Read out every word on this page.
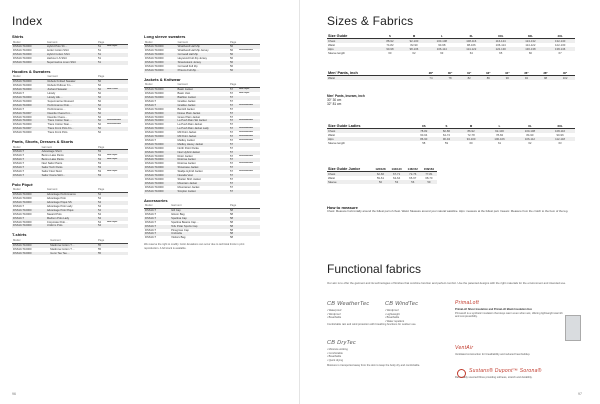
Index
96
Shirts
Model	Garment	Page	
DSS10-T10000	Hybrid Polo Sh…	51	New Style
DSS10-T10000	Antler Cotton Shirt	51	
DSS10-T10000	Hybrid Cotton Shirt	51	
DSS10-T10000	Harbour LS Shirt	51	
DSS10-T10000	Supermarine Linen Shirt	51	
Hoodies & Sweaters
Model	Garment	Page	
DSS10-T10000	Rebels Knitted Sweater	52	
DSS10-T10000	Rebels Pullover Kn…	52	
DSS10-T10000	Zorland Sweater	52	New Color
DSS10-T	Hoody	52	
DSS10-T10000	Hoody Hik…	52	
DSS10-T10000	Supermarine Dressed	52	
DSS10-T10000	Performance Polo…	52	
DSS10-T	Performance…	52	
DSS10-T10007	Dauntle Overa Kni…	52	
DSS10-T10000	Dauntle Overa…	52	
DSS10-T10000	Trans Cotton Stan…	52	Discontinued
DSS10-T10000	Trans Cotton Stan…	52	Discontinued
DSS10-T10007	Trans Front Polo Kn…	52	
DSS10-T10000	Trans Front Polo	52	
Pants, Shorts, Dresses & Skorts
Model	Garment	Page	
DSS10-T	Advantage Short	53	
DSS10-T	Bermu Lake Pants	53	New Style
DSS10-T	Bermu Lake Pants	53	New Style
DSS10-T	Nevi Sailor Pants	53	
DSS10-T	Sailor Tech Pants	53	
DSS10-T	Sailor Flexi Skort	53	New Style
DSS10-T	Sailor Overa Skirt…	53	
Polo Piqué
Model	Garment	Page	
DSS10-T10000	Advantage Performance	54	
DSS10-T10000	Advantage Polo	54	
DSS10-T10000	Advantage Piqué SS	54	
DSS10-T	Advantage Polo Lady	54	
DSS10-T10000	Advantage Polo Piqué	54	
DSS10-T10000	Navard Polo	54	
DSS10-T	Medium Polo Lady	54	
DSS10-T10000	Corporate Polo…	54	New Style
DSS10-T10000	Uniform Polo	54	
T-shirts
Model	Garment	Page	
DSS10-T10000	Madrona Cotton T…	55	
DSS10-T10000	Madrona Cotton T…	55	
DSS10-T10000	Gunn Tee Tee…	55	
Long sleeve sweaters
Model	Garment	Page	
DSS10-T10000	Wraithwell Half Zip	56	
DSS10-T10000	Wraithwell Half Zip Jersey	56	Discontinued
DSS10-T10000	Cornwall Half Zip	56	
DSS10-T10000	Heywood Full Zip Jersey	56	
DSS10-T10000	Straszekunk Jersey	56	
DSS10-T10000	Cornwall Full Zip	56	
DSS10-T10000	Prisons Full Zip…	56	
Jackets & Knitwear
Model	Garment	Page	
DSS10-T10000	Basin Jacket	57	New Style
DSS10-T10000	Basin Vest	57	New Style
DSS10-T10000	Biathlon Jacket	57	
DSS10-T	Gradiso Jacket	57	
DSS10-T	Gradiso Jacket	57	Discontinued
DSS10-T10000	Bat Hill Jacket	57	
DSS10-T10000	Dosse Plain Jacket	57	
DSS10-T10000	Grave Plain Jacket	57	
DSS10-T10000	La Push Rain Ski Jacket	57	Discontinued
DSS10-T10000	La Push Rain Jacket	57	
DSS10-T10000	La Push Rain Jacket Lady	57	Discontinued
DSS10-T10000	Mil Point Jacket	57	Discontinued
DSS10-T10000	Mil Point Jacket	57	Discontinued
DSS10-T	Medley Jacket	57	Discontinued
DSS10-T10000	Medley Heavy Jacket	57	
DSS10-T10000	North Point Parka	57	
DSS10-T10000	Nevi Hybrid Jacket	57	
DSS10-T10000	Rotor Jacket	57	Discontinued
DSS10-T10000	Rotoroa Jacket	57	
DSS10-T10000	Rotoroa Jacket	57	Discontinued
DSS10-T10000	Showcase Jacket	57	
DSS10-T10000	Skaltje Hybrid Jacket	57	Discontinued
DSS10-T10000	Nevada Vest	57	
DSS10-T10000	Shelter Shirt Jacket	57	
DSS10-T10000	Mountain Jacket	57	
DSS10-T10000	Mountainer Jacket	57	
DSS10-T10000	Simplon Jacket	57	
Accessories
Model	Garment	Page	
DSS10-T	Gill Cap	58	
DSS10-T	Gloom Bag	58	
DSS10-T	Spartina Cap	58	
DSS10-T	Spartina Beanie Cap…	58	
DSS10-T	Tofu Polar Sports Cap	58	
DSS10-T	Pinegrove Cap	58	
DSS10-T	Umbrella	58	
DSS10-T	Visitors Bag	58	
We reserve the right to modify. Color deviations can occur due to technical limits in print reproduction. A full stock is available.
Sizes & Fabrics
97
Size Guide	S	M	L	XL	XXL	3XL	4XL
Chest	88-92	92-100	100-108	108-116	116-124	124-132	132-140
Waist	74-82	82-90	90-98	98-106	106-114	114-122	122-130
Hips	90-98	98-106	106-114	114-122	122-130	130-138	138-146
Sleeve length	60	62	63	64	65	66	67
Men' Pants, inch	28"	30"	31"	33"	34"	36"	38"	40"
Waist	74	78	82	86	90	94	98	102
Men' Pants, Inseam, inch
30" 30 cm
32" 81 cm
Size Guide Ladies	XS	S	M	L	XL	XXL
Chest	78-82	82-86	86-92	92-100	100-108	108-116
Waist	60-64	64-72	72-78	78-84	84-90	90-96
Hips	86-90	90-94	94-100	100-106	106-112	112-118
Sleeve length	58	59	60	61	62	63
Size Guide Junior	122/128	134/140	146/152	158/164
Chest	62-66	67-71	72-76	77-81
Waist	59-61	62-64	65-67	68-70
Sleeve	50	53	56	59
How to measure
Chest: Measure horizontally around the fullest part of chest. Waist: Measure around your natural waistline. Hips: measure at the fullest part. Inseam: Measure from the crotch to the hem of the leg.
Functional fabrics
Our aim is to offer the garment and its technologies of finishes that combine function and perfect comfort. Use the patented designs with the right materials for the environment and intended use.
CB WeatherTec
• Waterproof
• Windproof
• Breathable
Comfortable rain and wind protection with breathing functions for outdoor use.
CB WindTec
• Windproof
• Lightweight
• Breathable
• Water repellent
CB DryTec
• Moisture wicking
• Comfortable
• Breathable
• Quick drying
Moisture is transported away from the skin to keep the body dry and comfortable.
PrimaLoft
PrimaLoft Silver Insulation and PrimaLoft Black Insulation Eco
PrimaLoft is a synthetic insulation that stays warm even when wet, offering lightweight warmth and compressibility.
VentAir
Ventilated construction for breathability and reduced heat buildup.
Sustans® Dupont™ Sorona®
Renewably sourced fibres providing softness, stretch and durability.
